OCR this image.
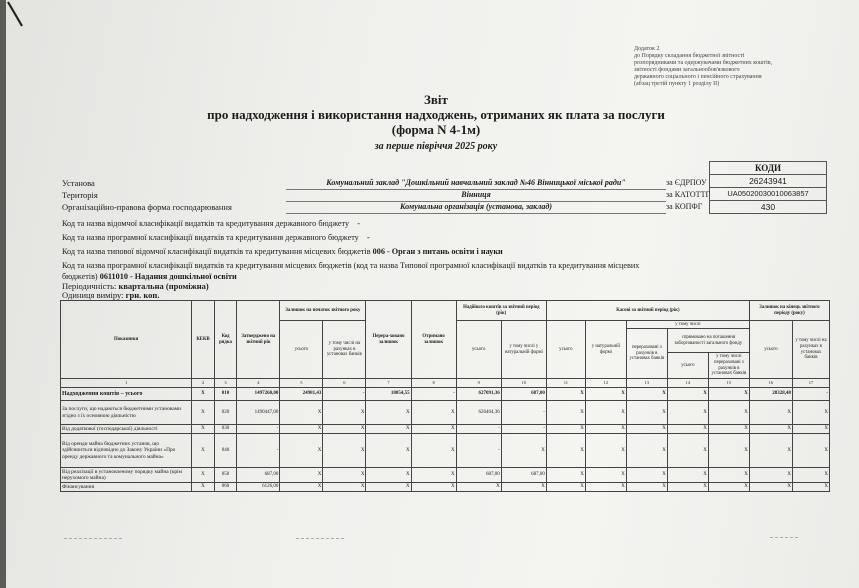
Додаток 2
до Порядку складання бюджетної звітності
розпорядниками та одержувачами бюджетних коштів,
звітності фондами загальнообов'язкового
державного соціального і пенсійного страхування
(абзац третій пункту 1 розділу II)
Звіт
про надходження і використання надходжень, отриманих як плата за послуги
(форма N 4-1м)
за перше півріччя 2025 року
КОДИ
26243941
UA05020030010063857
430
Установа	Комунальний заклад "Дошкільний навчальний заклад №46 Вінницької міської ради"	за ЄДРПОУ
Територія	Вінниця	за КАТОТТГ
Організаційно-правова форма господарювання	Комунальна організація (установа, заклад)	за КОПФГ
Код та назва відомчої класифікації видатків та кредитування державного бюджету -
Код та назва програмної класифікації видатків та кредитування державного бюджету -
Код та назва типової відомчої класифікації видатків та кредитування місцевих бюджетів 006 - Орган з питань освіти і науки
Код та назва програмної класифікації видатків та кредитування місцевих бюджетів (код та назва Типової програмної класифікації видатків та кредитування місцевих бюджетів) 0611010 - Надання дошкільної освіти
Періодичність: квартальна (проміжна)
Одиниця виміру: грн. коп.
Показники	КЕКВ	Код рядка	Затверджено на звітний рік	Залишок на початок звітного року		Перера-ховано залишок	Отримано залишок	Надійшло коштів за звітний період (рік)		Касові за звітний період (рік)					Залишок на кінець звітного періоду (року)	
				усього	у тому числі на рахунках в установах банків			усього	у тому числі у натуральній формі	усього	у натуральній формі	у тому числі			усього	у тому числі на рахунках в установах банків
												перераховані з рахунків в установах банків	спрямовано на погашення заборгованості загального фонду			
													усього	у тому числі перераховані з рахунків в установах банків		
1	2	3	4	5	6	7	8	9	10	11	12	13	14	15	16	17
Надходження коштів – усього	X	010	1497260,00	24981,43	-	18054,55	-	627091,36	687,00	X	X	X	X	X	28328,48	-
За послуги, що надаються бюджетними установами згідно з їх основною діяльністю	X	020	1490447,00	X	X	X	X	626404,36	-	X	X	X	X	X	X	X
Від додаткової (господарської) діяльності	X	030	-	X	X	X	X	-	-	X	X	X	X	X	X	X
Від оренди майна бюджетних установ, що здійснюється відповідно до Закону України «Про оренду державного та комунального майна»	X	040	-	X	X	X	X	-	X	X	X	X	X	X	X	X
Від реалізації в установленому порядку майна (крім нерухомого майна)	X	050	687,00	X	X	X	X	687,00	687,00	X	X	X	X	X	X	X
Фінансування	X	060	6126,00	X	X	X	X	X	X	X	X	X	X	X	X	X
